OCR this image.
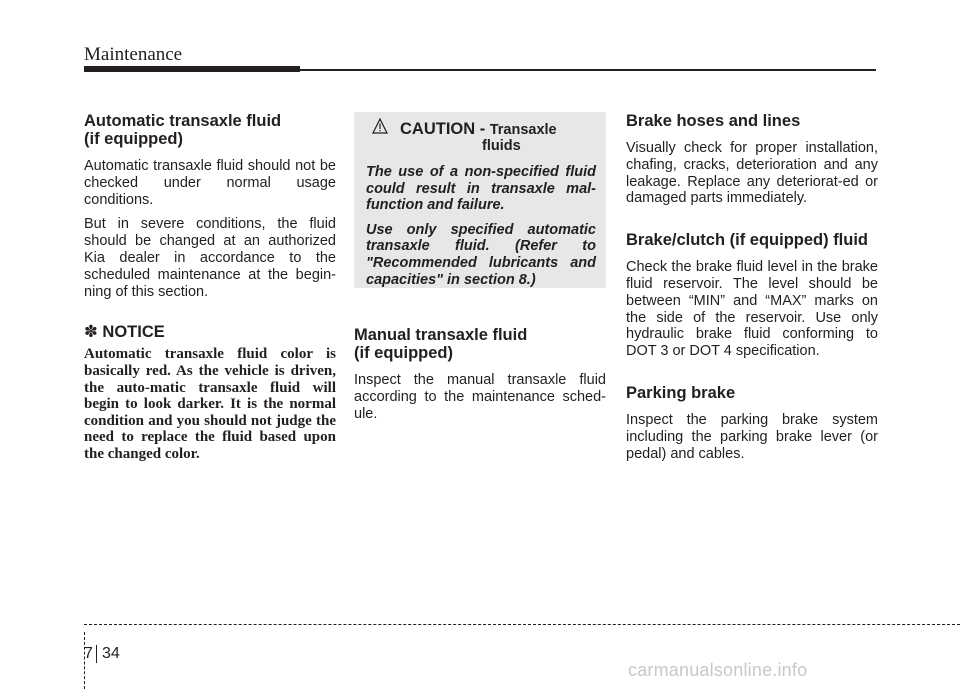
Maintenance
Automatic transaxle fluid
(if equipped)

Automatic transaxle fluid should not be checked under normal usage conditions.

But in severe conditions, the fluid should be changed at an authorized Kia dealer in accordance to the scheduled maintenance at the begin-ning of this section.

✽ NOTICE

Automatic transaxle fluid color is basically red. As the vehicle is driven, the auto-matic transaxle fluid will begin to look darker. It is the normal condition and you should not judge the need to replace the fluid based upon the changed color.

CAUTION - Transaxle
fluids

The use of a non-specified fluid could result in transaxle mal-function and failure.

Use only specified automatic transaxle fluid. (Refer to "Recommended lubricants and capacities" in section 8.)

Manual transaxle fluid
(if equipped)

Inspect the manual transaxle fluid according to the maintenance sched-ule.

Brake hoses and lines

Visually check for proper installation, chafing, cracks, deterioration and any leakage. Replace any deteriorat-ed or damaged parts immediately.

Brake/clutch (if equipped) fluid

Check the brake fluid level in the brake fluid reservoir. The level should be between “MIN” and “MAX” marks on the side of the reservoir. Use only hydraulic brake fluid conforming to DOT 3 or DOT 4 specification.

Parking brake

Inspect the parking brake system including the parking brake lever (or pedal) and cables.

7 34
carmanualsonline.info
